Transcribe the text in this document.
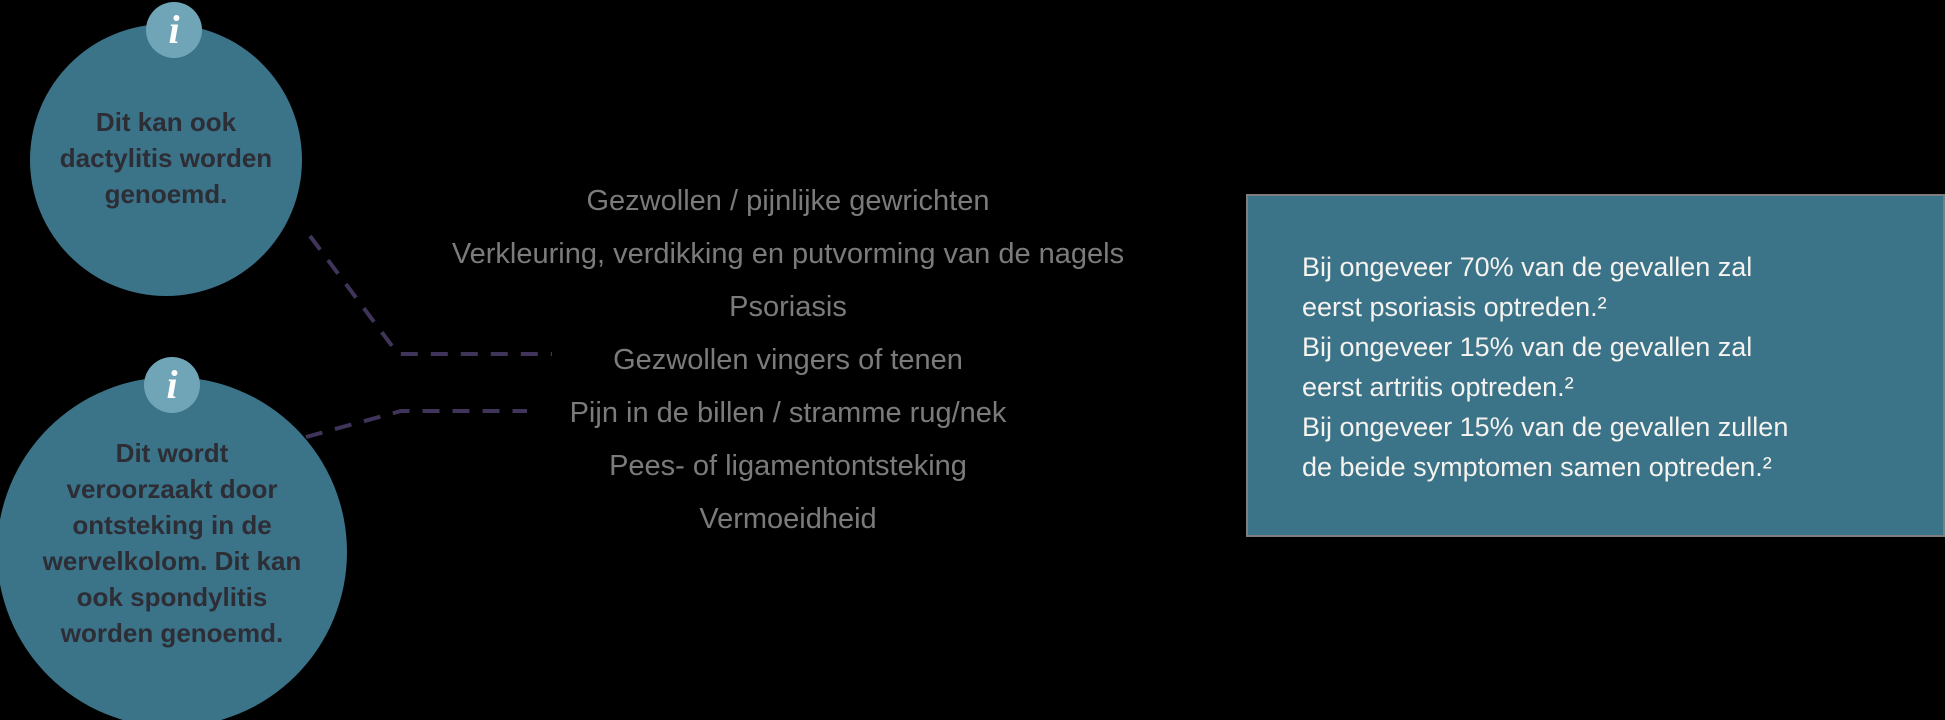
Dit kan ook
dactylitis worden
genoemd.
i
Dit wordt
veroorzaakt door
ontsteking in de
wervelkolom. Dit kan
ook spondylitis
worden genoemd.
i
Gezwollen / pijnlijke gewrichten
Verkleuring, verdikking en putvorming van de nagels
Psoriasis
Gezwollen vingers of tenen
Pijn in de billen / stramme rug/nek
Pees- of ligamentontsteking
Vermoeidheid
Bij ongeveer 70% van de gevallen zal
eerst psoriasis optreden.²
Bij ongeveer 15% van de gevallen zal
eerst artritis optreden.²
Bij ongeveer 15% van de gevallen zullen
de beide symptomen samen optreden.²
